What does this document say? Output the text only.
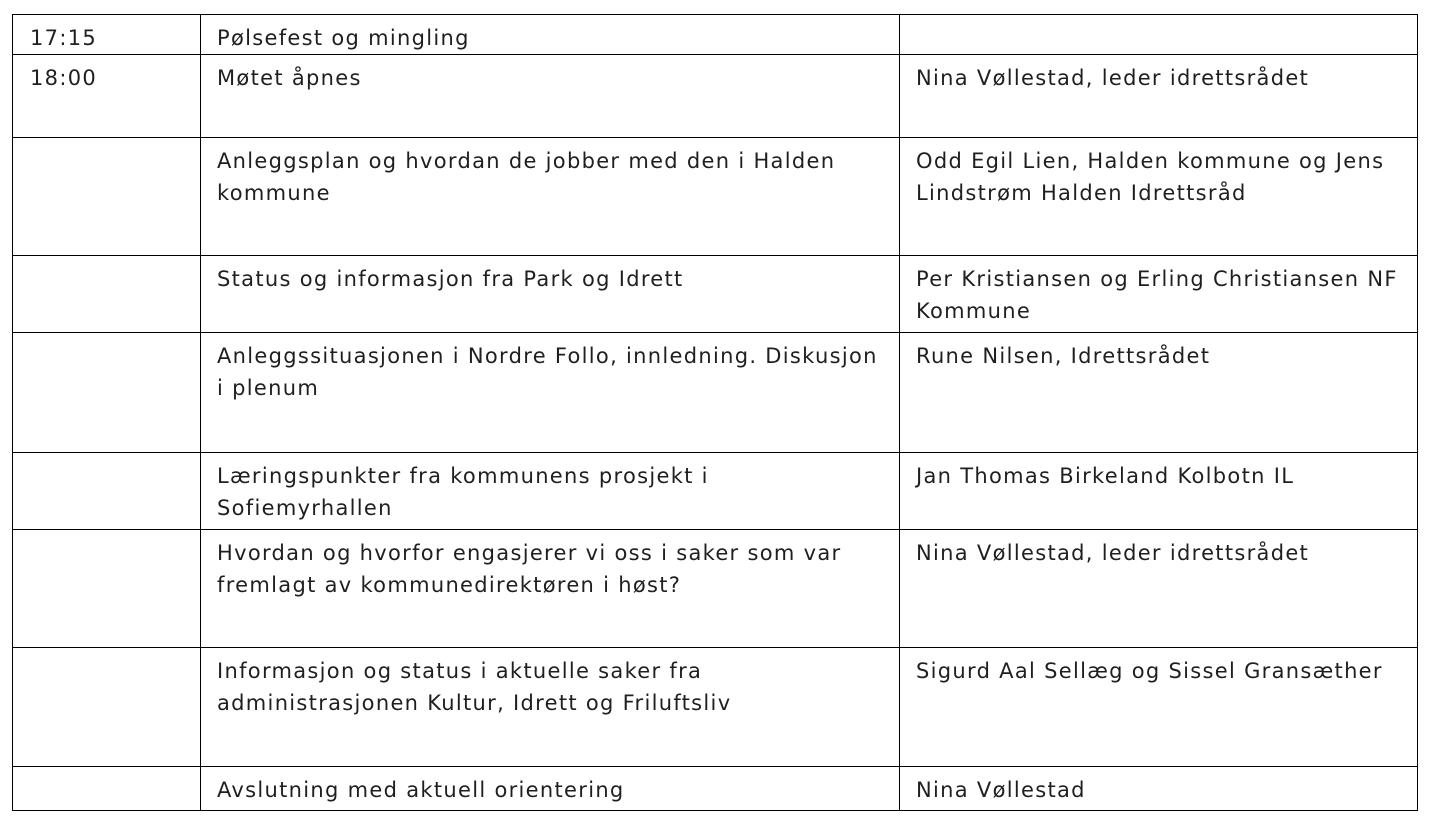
17:15	Pølsefest og mingling	
18:00	Møtet åpnes	Nina Vøllestad, leder idrettsrådet
	Anleggsplan og hvordan de jobber med den i Halden kommune	Odd Egil Lien, Halden kommune og Jens Lindstrøm Halden Idrettsråd
	Status og informasjon fra Park og Idrett	Per Kristiansen og Erling Christiansen NF Kommune
	Anleggssituasjonen i Nordre Follo, innledning. Diskusjon i plenum	Rune Nilsen, Idrettsrådet
	Læringspunkter fra kommunens prosjekt i Sofiemyrhallen	Jan Thomas Birkeland Kolbotn IL
	Hvordan og hvorfor engasjerer vi oss i saker som var fremlagt av kommunedirektøren i høst?	Nina Vøllestad, leder idrettsrådet
	Informasjon og status i aktuelle saker fra administrasjonen Kultur, Idrett og Friluftsliv	Sigurd Aal Sellæg og Sissel Gransæther
	Avslutning med aktuell orientering	Nina Vøllestad
